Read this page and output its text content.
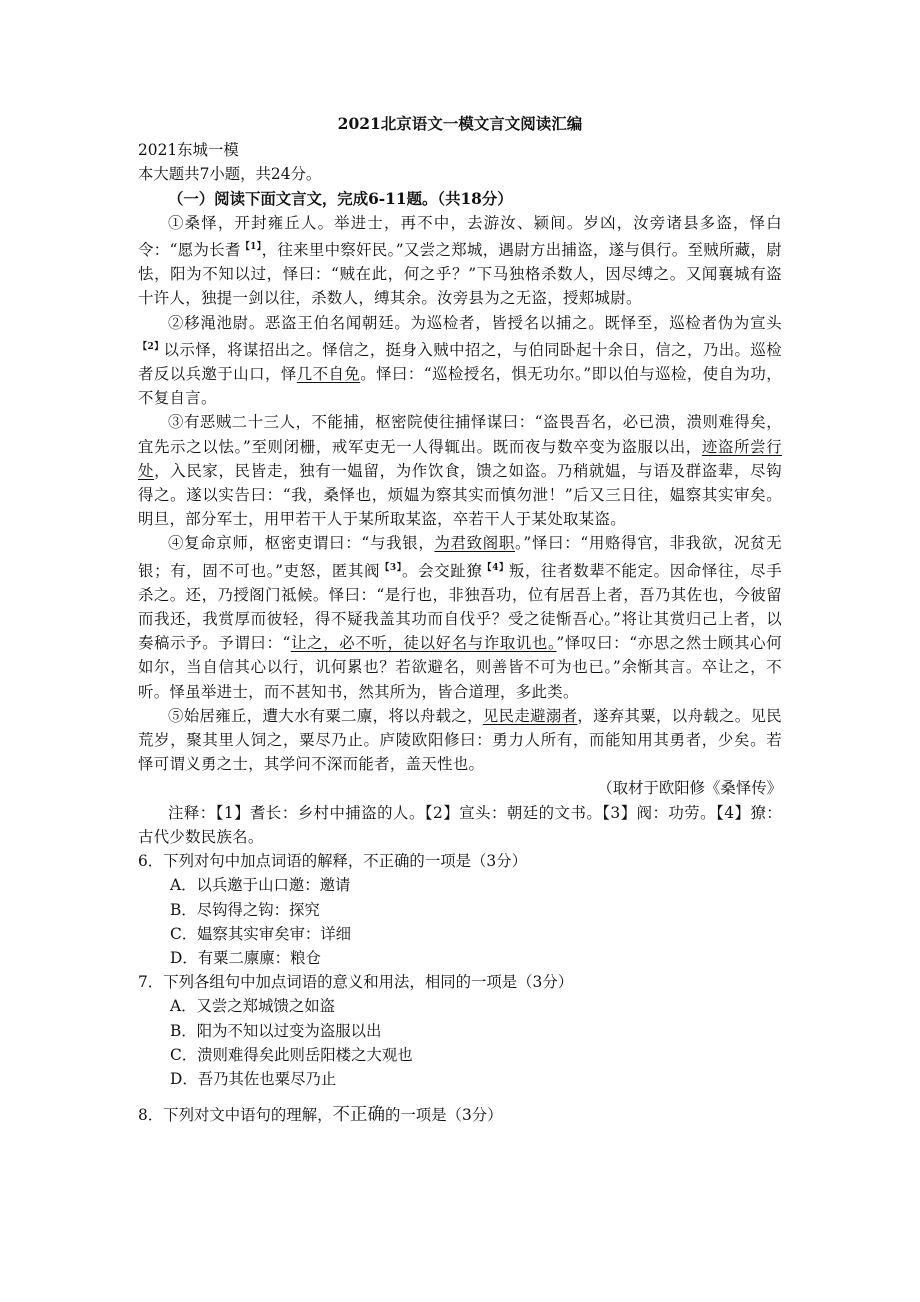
2021北京语文一模文言文阅读汇编

2021东城一模

本大题共7小题，共24分。

（一）阅读下面文言文，完成6-11题。（共18分）

①桑怿，开封雍丘人。举进士，再不中，去游汝、颍间。岁凶，汝旁诸县多盗，怿白令：“愿为长耆$^{【1】}$，往来里中察奸民。”又尝之郑城，遇尉方出捕盗，遂与俱行。至贼所藏，尉怯，阳为不知以过，怿曰：“贼在此，何之乎？”下马独格杀数人，因尽缚之。又闻襄城有盗十许人，独提一剑以往，杀数人，缚其余。汝旁县为之无盗，授郏城尉。

②移渑池尉。恶盗王伯名闻朝廷。为巡检者，皆授名以捕之。既怿至，巡检者伪为宣头$^{【2】}$以示怿，将谋招出之。怿信之，挺身入贼中招之，与伯同卧起十余日，信之，乃出。巡检者反以兵邀于山口，怿几不自免。怿曰：“巡检授名，惧无功尔。”即以伯与巡检，使自为功，不复自言。

③有恶贼二十三人，不能捕，枢密院使往捕怿谋曰：“盗畏吾名，必已溃，溃则难得矣，宜先示之以怯。”至则闭栅，戒军吏无一人得辄出。既而夜与数卒变为盗服以出，迹盗所尝行处，入民家，民皆走，独有一媪留，为作饮食，馈之如盗。乃稍就媪，与语及群盗辈，尽钩得之。遂以实告曰：“我，桑怿也，烦媪为察其实而慎勿泄！”后又三日往，媪察其实审矣。明旦，部分军士，用甲若干人于某所取某盗，卒若干人于某处取某盗。

④复命京师，枢密吏谓曰：“与我银，为君致阁职。”怿曰：“用赂得官，非我欲，况贫无银；有，固不可也。”吏怒，匿其阀$^{【3】}$。会交趾獠$^{【4】}$叛，往者数辈不能定。因命怿往，尽手杀之。还，乃授阁门祗候。怿曰：“是行也，非独吾功，位有居吾上者，吾乃其佐也，今彼留而我还，我赏厚而彼轻，得不疑我盖其功而自伐乎？受之徒惭吾心。”将让其赏归己上者，以奏稿示予。予谓曰：“让之，必不听，徒以好名与诈取讥也。”怿叹曰：“亦思之然士顾其心何如尔，当自信其心以行，讥何累也？若欲避名，则善皆不可为也已。”余惭其言。卒让之，不听。怿虽举进士，而不甚知书，然其所为，皆合道理，多此类。

⑤始居雍丘，遭大水有粟二廪，将以舟载之，见民走避溺者，遂弃其粟，以舟载之。见民荒岁，聚其里人饲之，粟尽乃止。庐陵欧阳修曰：勇力人所有，而能知用其勇者，少矣。若怿可谓义勇之士，其学问不深而能者，盖天性也。

（取材于欧阳修《桑怿传》

注释：【1】耆长：乡村中捕盗的人。【2】宣头：朝廷的文书。【3】阀：功劳。【4】獠：古代少数民族名。

6．下列对句中加点词语的解释，不正确的一项是（3分）

A．以兵邀于山口邀：邀请

B．尽钩得之钩：探究

C．媪察其实审矣审：详细

D．有粟二廪廪：粮仓

7．下列各组句中加点词语的意义和用法，相同的一项是（3分）

A．又尝之郑城馈之如盗

B．阳为不知以过变为盗服以出

C．溃则难得矣此则岳阳楼之大观也

D．吾乃其佐也粟尽乃止

8．下列对文中语句的理解，不正确的一项是（3分）
